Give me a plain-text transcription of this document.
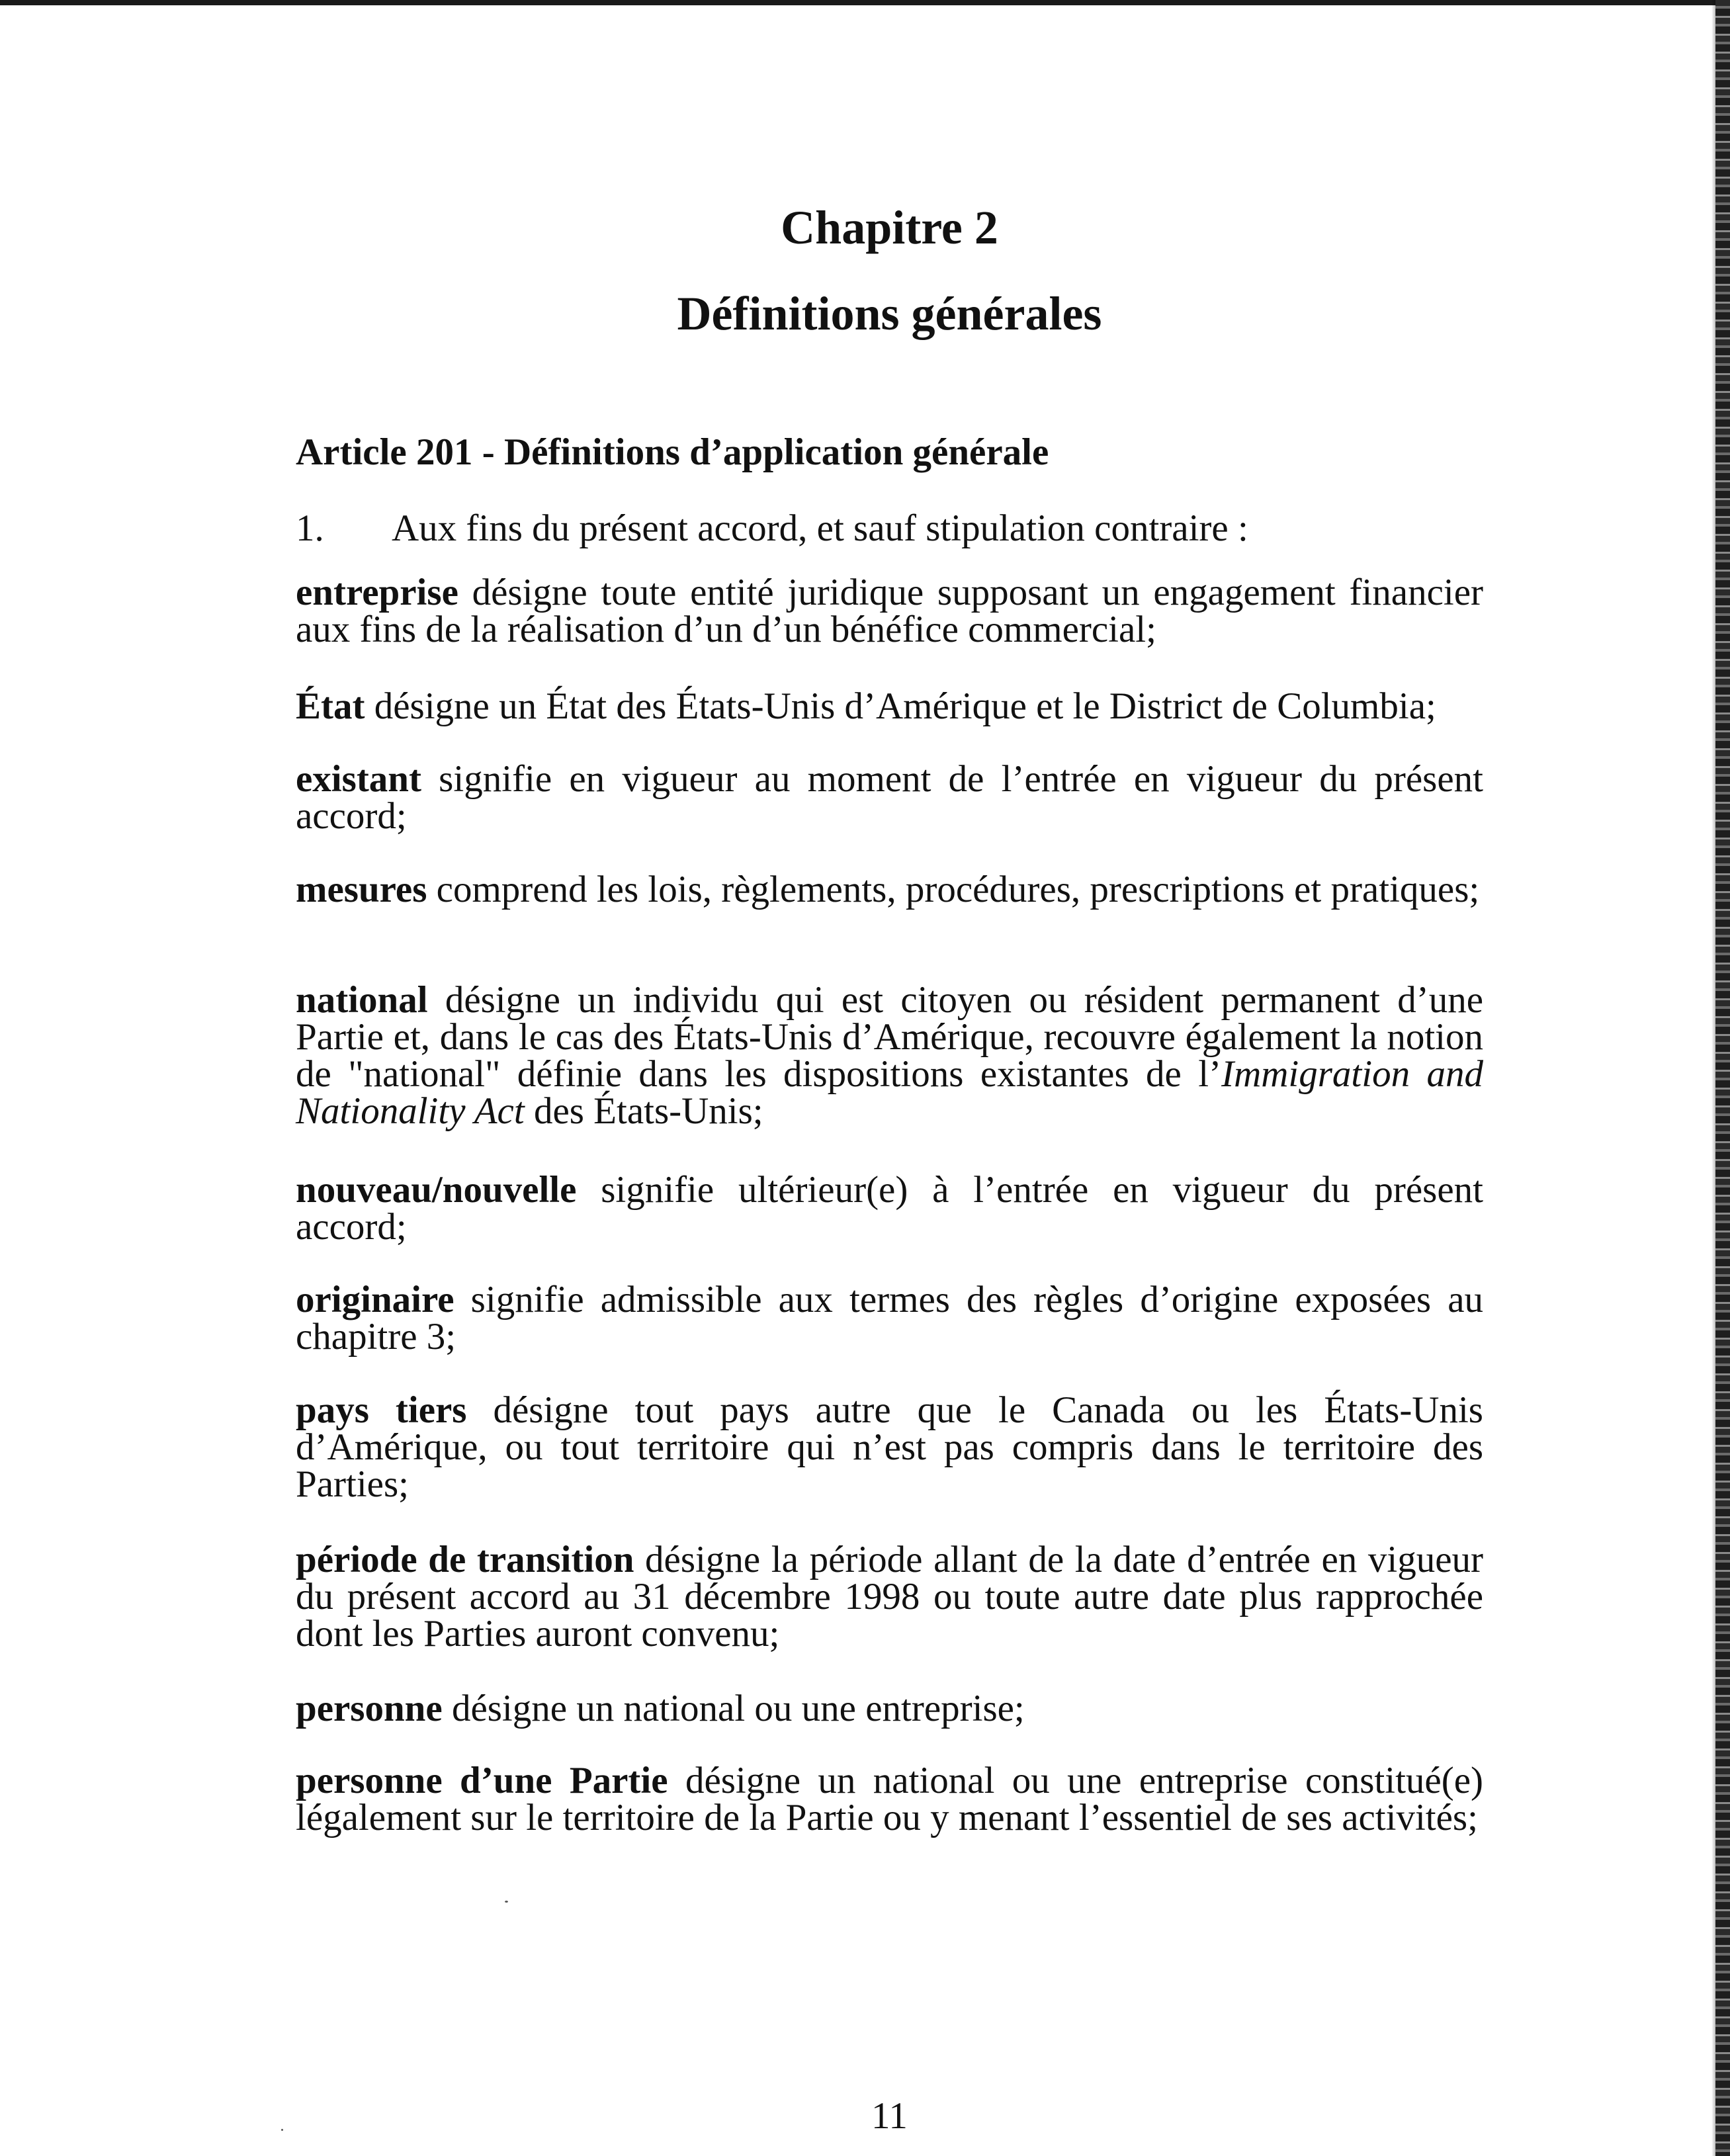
Chapitre 2
Définitions générales
Article 201 - Définitions d’application générale
1. Aux fins du présent accord, et sauf stipulation contraire :

entreprise désigne toute entité juridique supposant un engagement financier aux fins de la réalisation d’un d’un bénéfice commercial;

État désigne un État des États-Unis d’Amérique et le District de Columbia;

existant signifie en vigueur au moment de l’entrée en vigueur du présent accord;

mesures comprend les lois, règlements, procédures, prescriptions et pratiques;

national désigne un individu qui est citoyen ou résident permanent d’une Partie et, dans le cas des États-Unis d’Amérique, recouvre également la notion de "national" définie dans les dispositions existantes de l’Immigration and Nationality Act des États-Unis;

nouveau/nouvelle signifie ultérieur(e) à l’entrée en vigueur du présent accord;

originaire signifie admissible aux termes des règles d’origine exposées au chapitre 3;

pays tiers désigne tout pays autre que le Canada ou les États-Unis d’Amérique, ou tout territoire qui n’est pas compris dans le territoire des Parties;

période de transition désigne la période allant de la date d’entrée en vigueur du présent accord au 31 décembre 1998 ou toute autre date plus rapprochée dont les Parties auront convenu;

personne désigne un national ou une entreprise;

personne d’une Partie désigne un national ou une entreprise constitué(e) légalement sur le territoire de la Partie ou y menant l’essentiel de ses activités;

11
